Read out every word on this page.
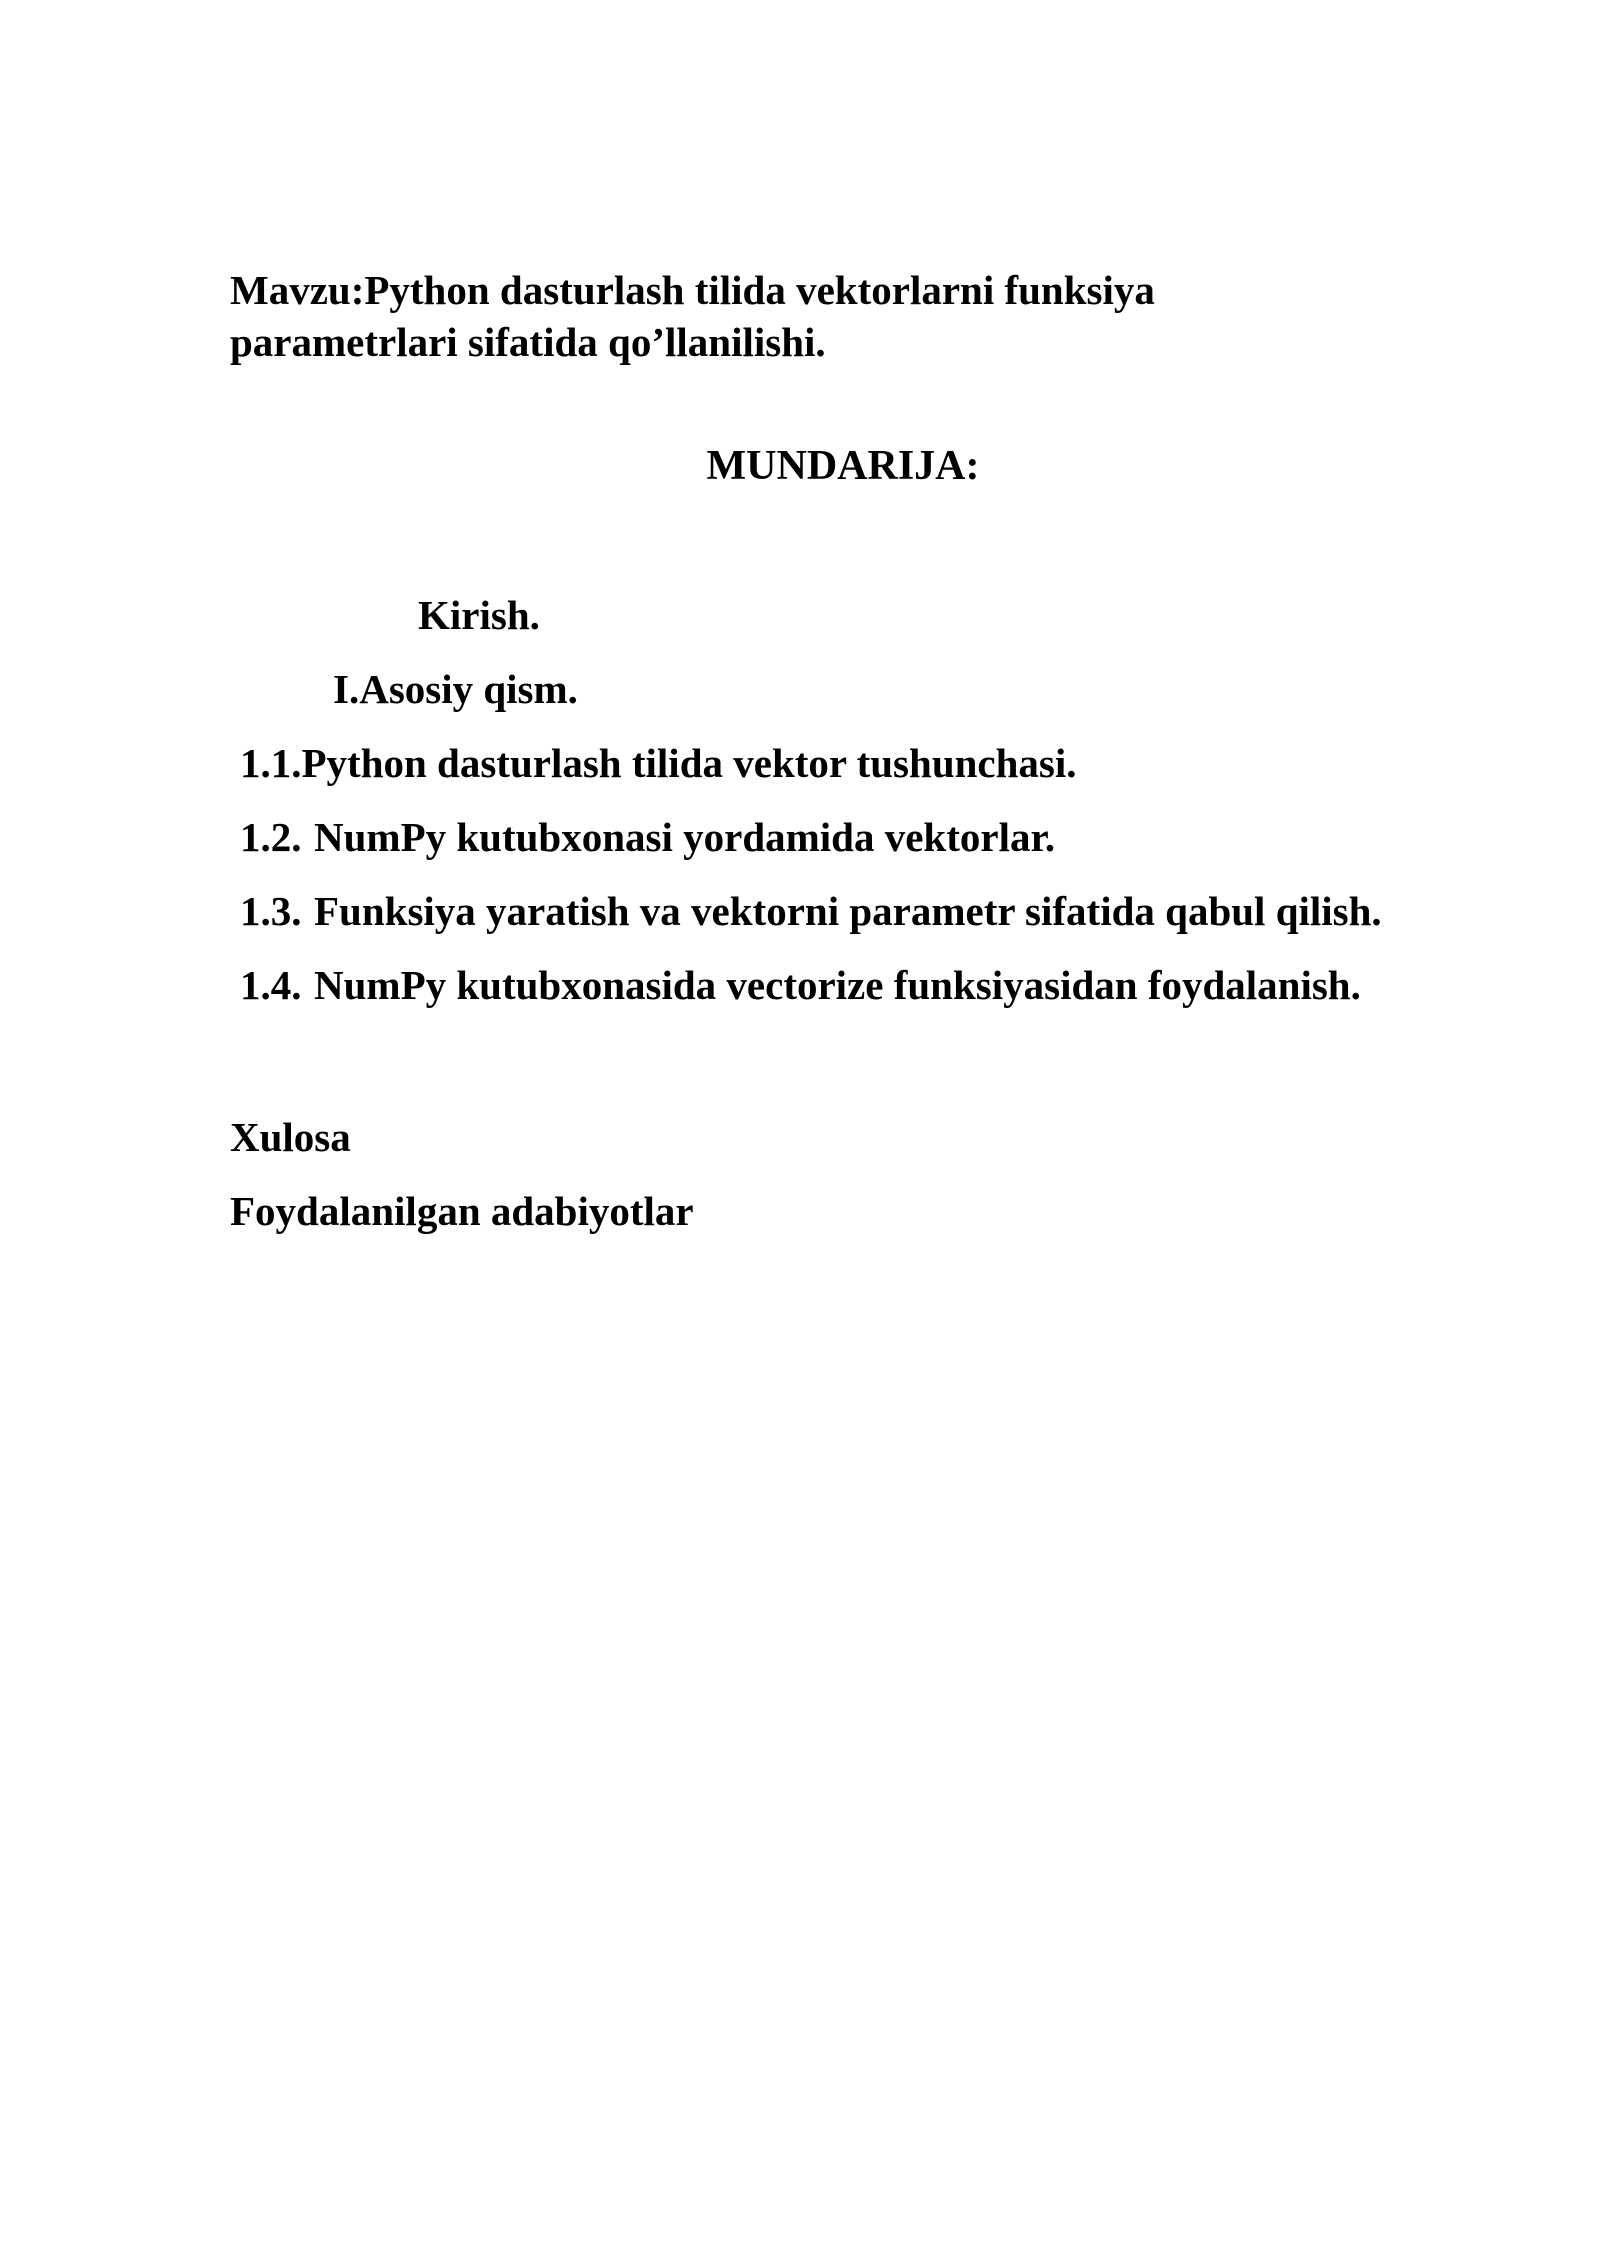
Mavzu:Python dasturlash tilida vektorlarni funksiya
parametrlari sifatida qo’llanilishi.
MUNDARIJA:
Kirish.
I.Asosiy qism.
1.1.Python dasturlash tilida vektor tushunchasi.
1.2. NumPy kutubxonasi yordamida vektorlar.
1.3. Funksiya yaratish va vektorni parametr sifatida qabul qilish.
1.4. NumPy kutubxonasida vectorize funksiyasidan foydalanish.
Xulosa
Foydalanilgan adabiyotlar
